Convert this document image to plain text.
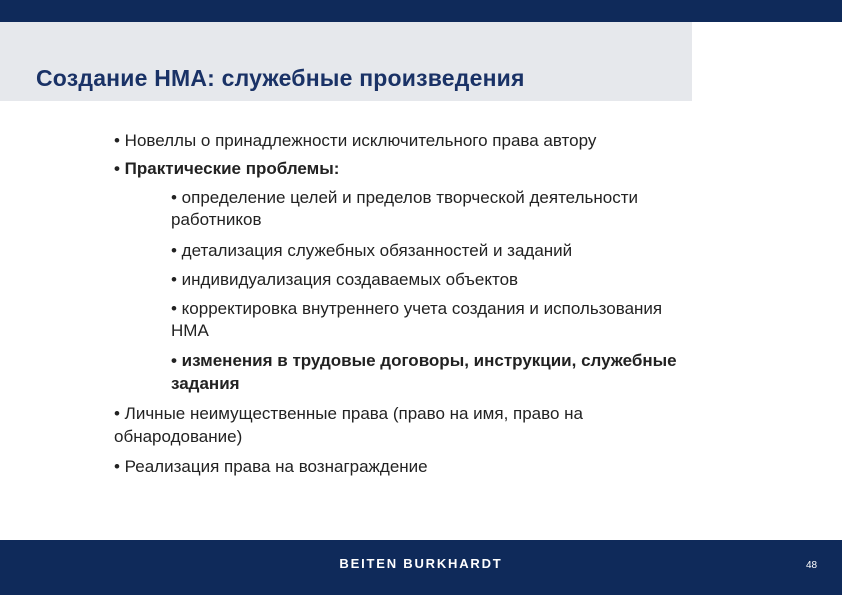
Создание НМА: служебные произведения
• Новеллы о принадлежности исключительного права автору
• Практические проблемы:
• определение целей и пределов творческой деятельности
работников
• детализация служебных обязанностей и заданий
• индивидуализация создаваемых объектов
• корректировка внутреннего учета создания и использования
НМА
• изменения в трудовые договоры, инструкции, служебные
задания
• Личные неимущественные права (право на имя, право на
обнародование)
• Реализация права на вознаграждение
BEITEN BURKHARDT	48
